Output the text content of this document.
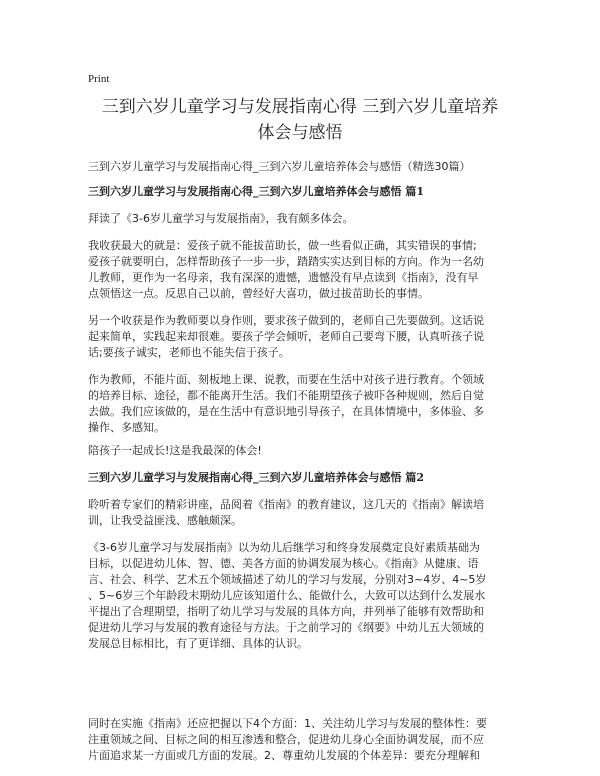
Print
三到六岁儿童学习与发展指南心得 三到六岁儿童培养
体会与感悟

三到六岁儿童学习与发展指南心得_三到六岁儿童培养体会与感悟（精选30篇）

三到六岁儿童学习与发展指南心得_三到六岁儿童培养体会与感悟 篇1

拜读了《3-6岁儿童学习与发展指南》，我有颇多体会。

我收获最大的就是：爱孩子就不能拔苗助长，做一些看似正确，其实错误的事情;
爱孩子就要明白，怎样帮助孩子一步一步，踏踏实实达到目标的方向。作为一名幼
儿教师，更作为一名母亲，我有深深的遗憾，遗憾没有早点读到《指南》，没有早
点领悟这一点。反思自己以前，曾经好大喜功，做过拔苗助长的事情。

另一个收获是作为教师要以身作则，要求孩子做到的，老师自己先要做到。这话说
起来简单，实践起来却很难。要孩子学会倾听，老师自己要弯下腰，认真听孩子说
话;要孩子诚实，老师也不能失信于孩子。

作为教师，不能片面、刻板地上课、说教，而要在生活中对孩子进行教育。个领域
的培养目标、途径，都不能离开生活。我们不能期望孩子被吓各种规则，然后自觉
去做。我们应该做的，是在生活中有意识地引导孩子，在具体情境中，多体验、多
操作、多感知。

陪孩子一起成长!这是我最深的体会!

三到六岁儿童学习与发展指南心得_三到六岁儿童培养体会与感悟 篇2

聆听着专家们的精彩讲座，品阅着《指南》的教育建议，这几天的《指南》解读培
训，让我受益匪浅、感触颇深。

《3-6岁儿童学习与发展指南》以为幼儿后继学习和终身发展奠定良好素质基础为
目标，以促进幼儿体、智、德、美各方面的协调发展为核心。《指南》从健康、语
言、社会、科学、艺术五个领域描述了幼儿的学习与发展，分别对3~4岁、4~5岁
、5~6岁三个年龄段末期幼儿应该知道什么、能做什么，大致可以达到什么发展水
平提出了合理期望，指明了幼儿学习与发展的具体方向，并列举了能够有效帮助和
促进幼儿学习与发展的教育途径与方法。于之前学习的《纲要》中幼儿五大领域的
发展总目标相比，有了更详细、具体的认识。

同时在实施《指南》还应把握以下4个方面：1、关注幼儿学习与发展的整体性：要
注重领域之间、目标之间的相互渗透和整合，促进幼儿身心全面协调发展，而不应
片面追求某一方面或几方面的发展。2、尊重幼儿发展的个体差异：要充分理解和
